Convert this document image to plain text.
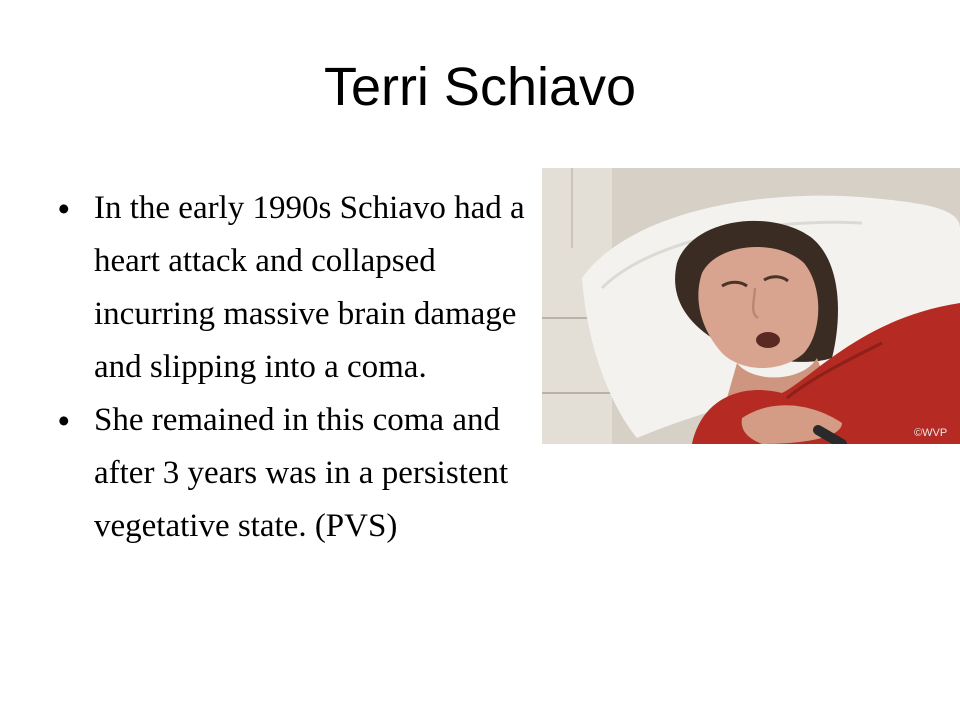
Terri Schiavo
• In the early 1990s Schiavo had a heart attack and collapsed incurring massive brain damage and slipping into a coma.
• She remained in this coma and after 3 years was in a persistent vegetative state. (PVS)
©WVP
